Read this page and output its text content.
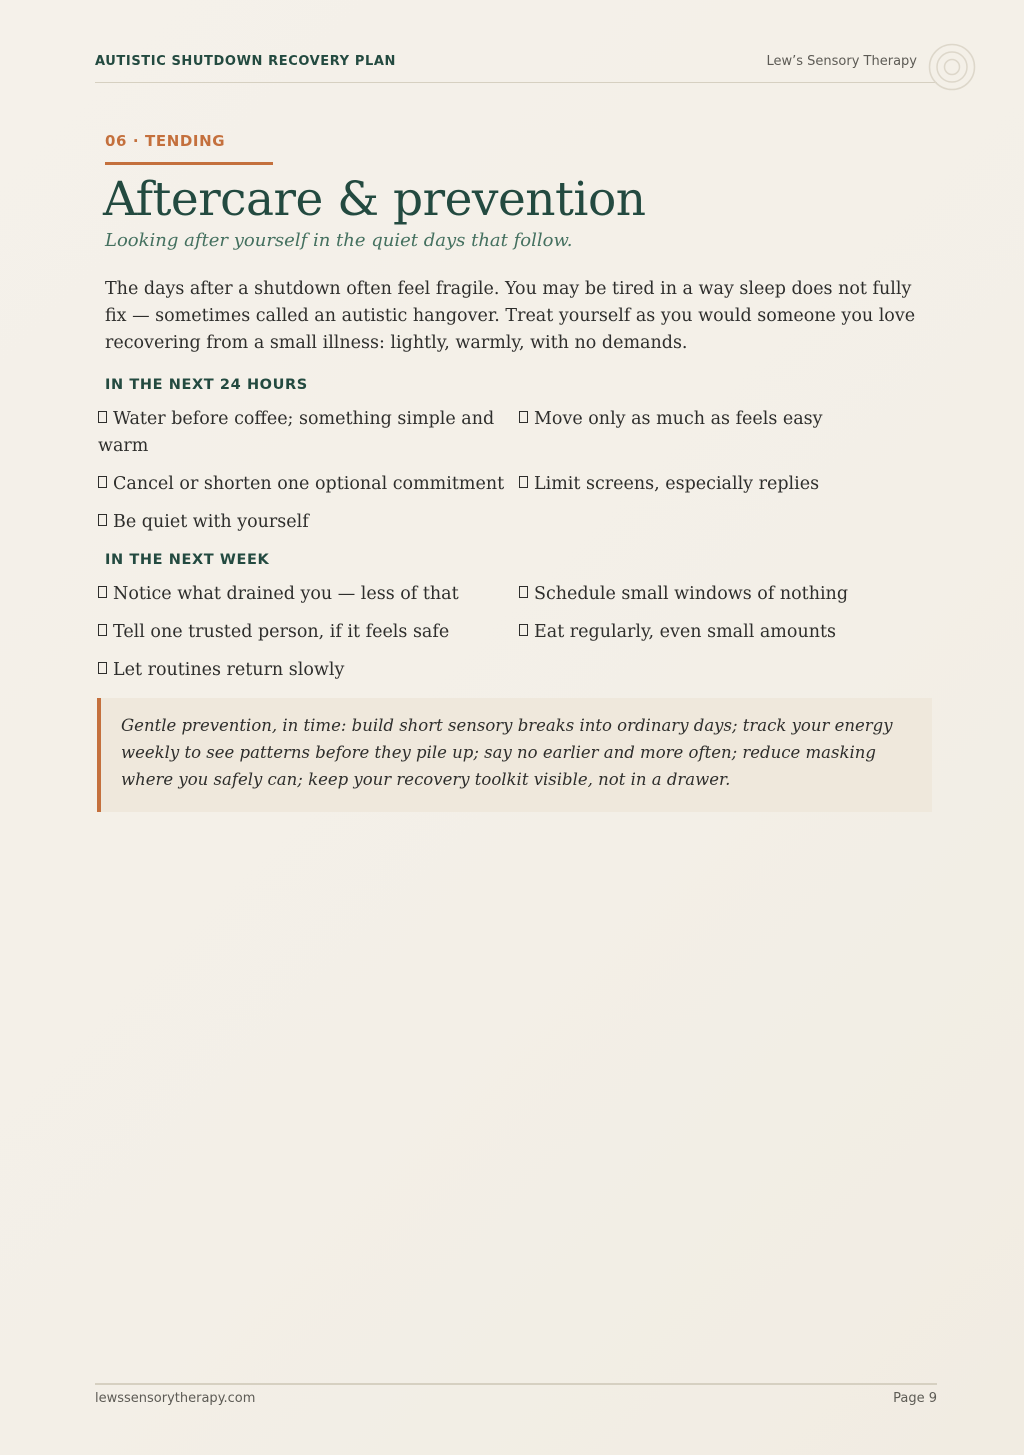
AUTISTIC SHUTDOWN RECOVERY PLAN	Lew’s Sensory Therapy
06 · TENDING
Aftercare & prevention
Looking after yourself in the quiet days that follow.

The days after a shutdown often feel fragile. You may be tired in a way sleep does not fully fix — sometimes called an autistic hangover. Treat yourself as you would someone you love recovering from a small illness: lightly, warmly, with no demands.

IN THE NEXT 24 HOURS
Water before coffee; something simple and warm
Move only as much as feels easy
Cancel or shorten one optional commitment	Limit screens, especially replies
Be quiet with yourself
IN THE NEXT WEEK
Notice what drained you — less of that	Schedule small windows of nothing
Tell one trusted person, if it feels safe	Eat regularly, even small amounts
Let routines return slowly
Gentle prevention, in time: build short sensory breaks into ordinary days; track your energy weekly to see patterns before they pile up; say no earlier and more often; reduce masking where you safely can; keep your recovery toolkit visible, not in a drawer.
lewssensorytherapy.com	Page 9
